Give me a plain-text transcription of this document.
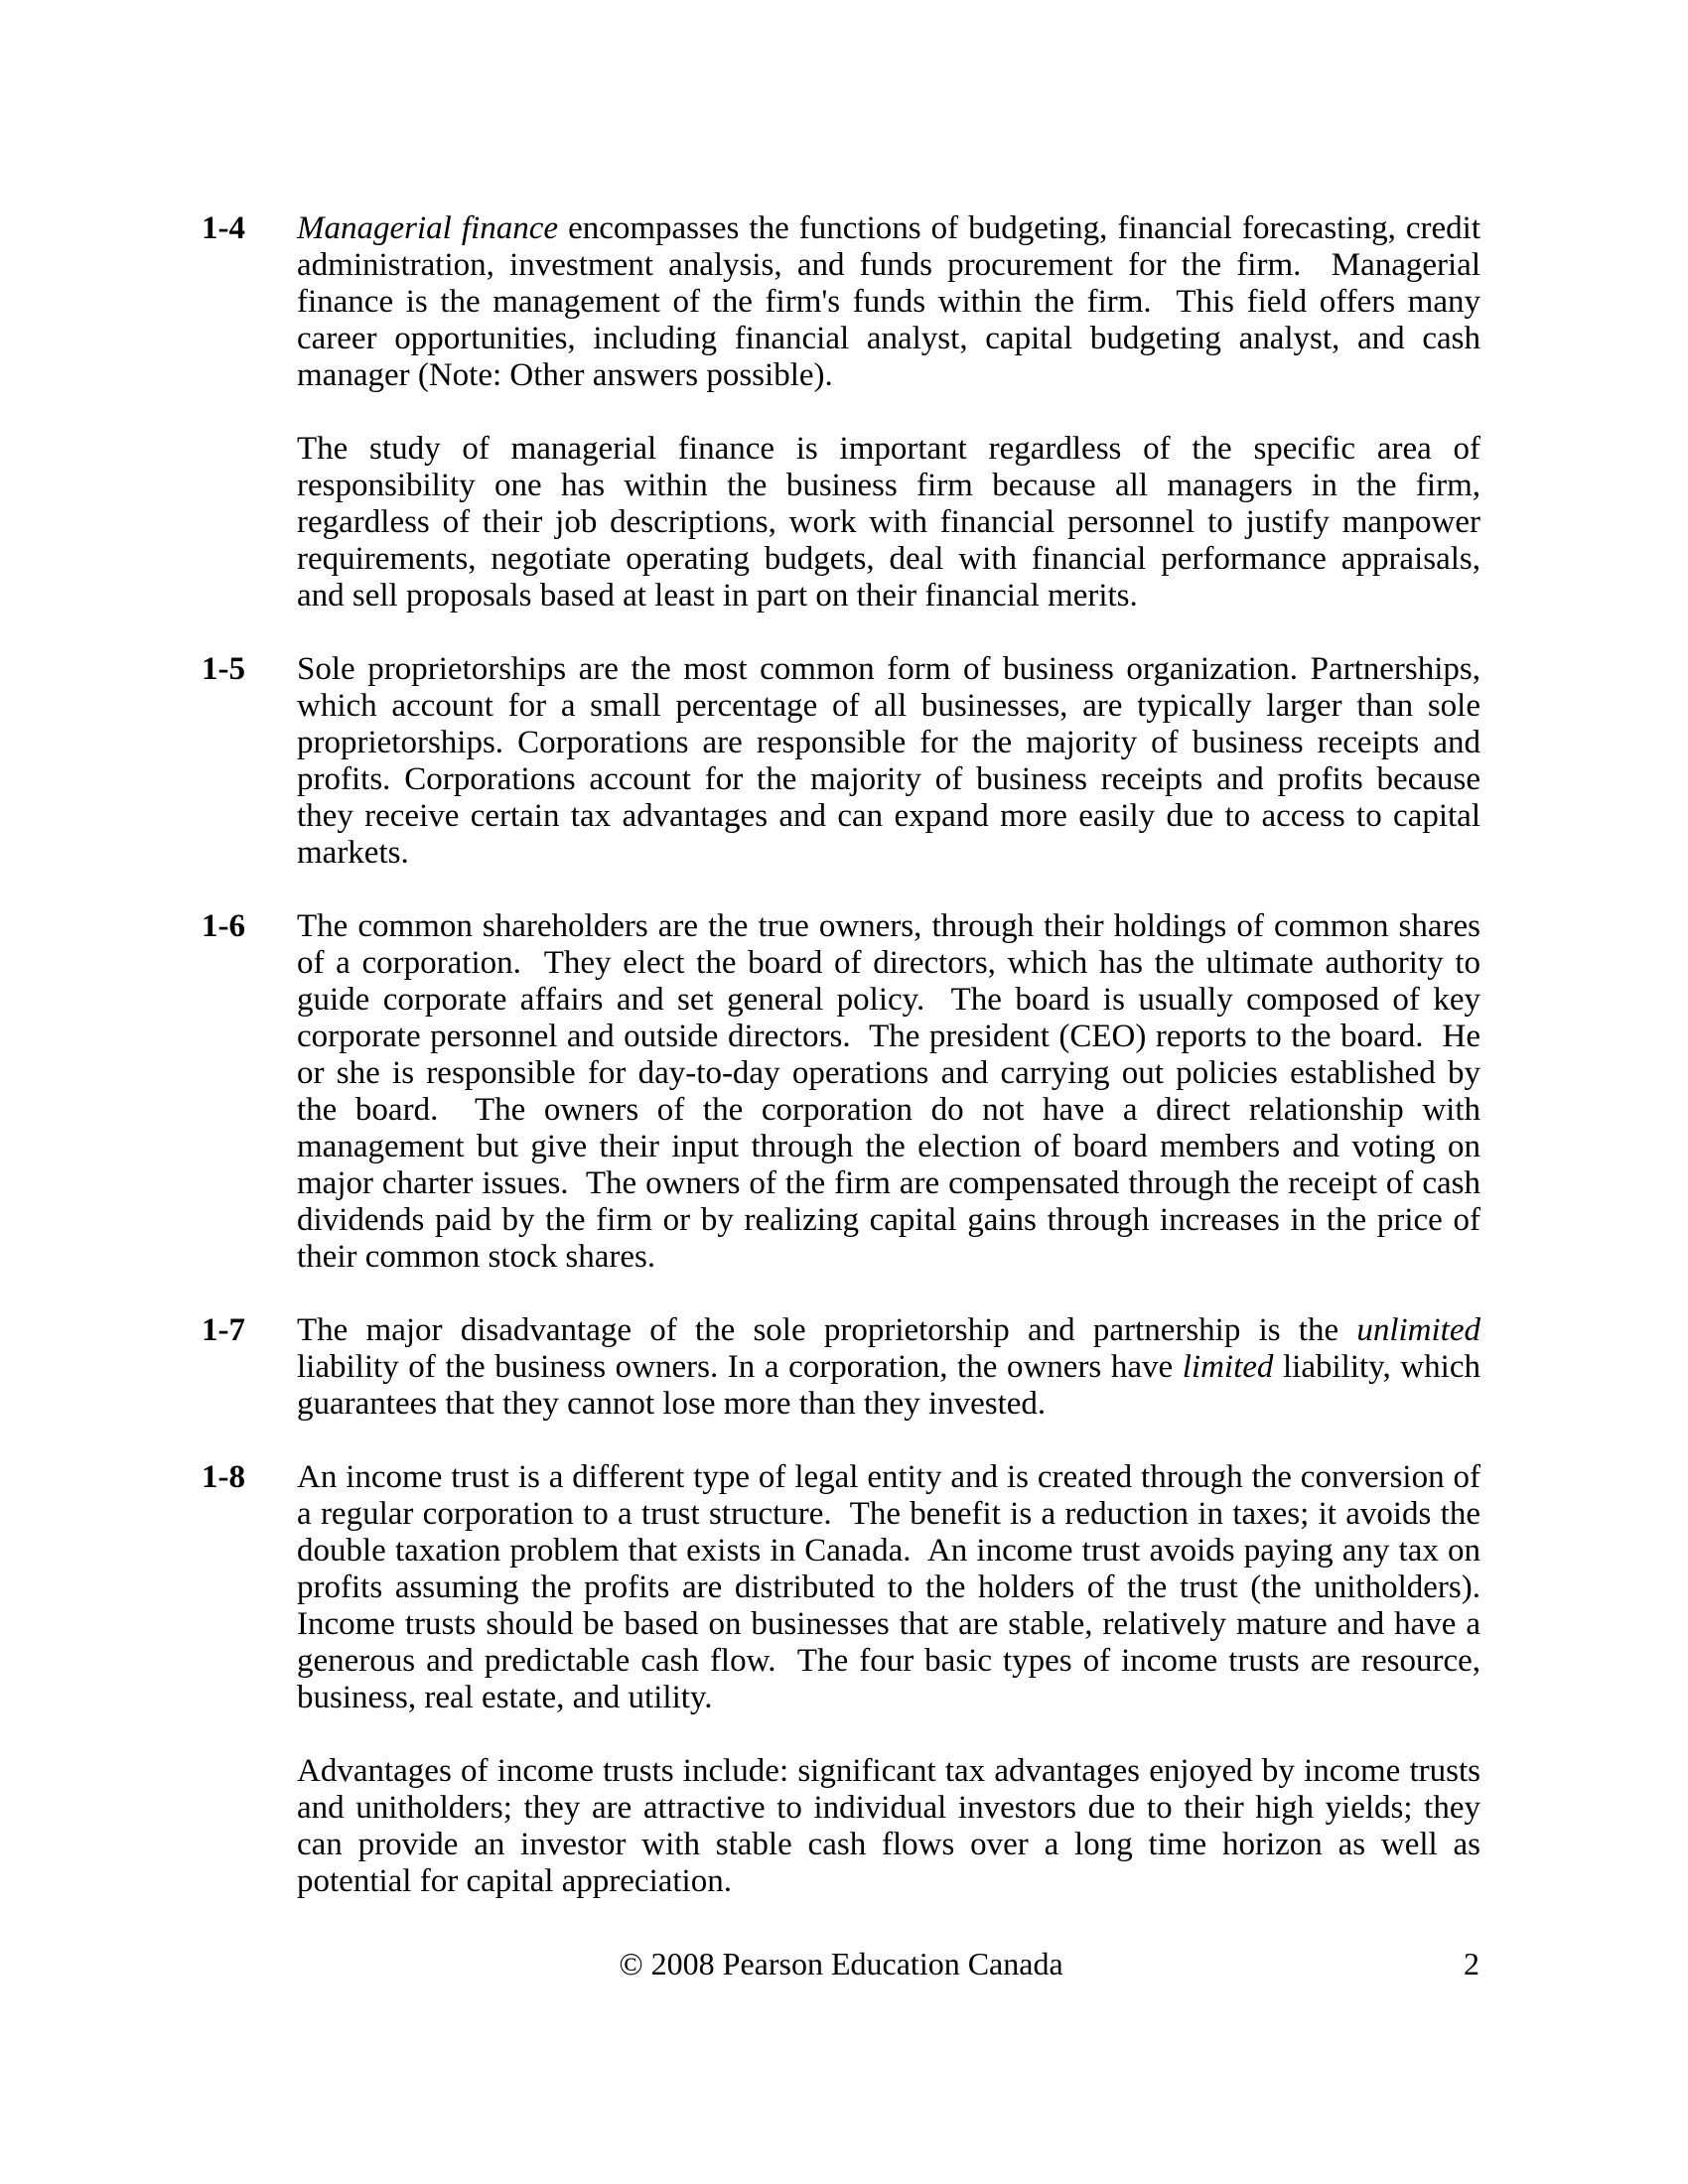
1-4	Managerial finance encompasses the functions of budgeting, financial forecasting, credit administration, investment analysis, and funds procurement for the firm.  Managerial finance is the management of the firm's funds within the firm.  This field offers many career opportunities, including financial analyst, capital budgeting analyst, and cash manager (Note: Other answers possible).

The study of managerial finance is important regardless of the specific area of responsibility one has within the business firm because all managers in the firm, regardless of their job descriptions, work with financial personnel to justify manpower requirements, negotiate operating budgets, deal with financial performance appraisals, and sell proposals based at least in part on their financial merits.

1-5	Sole proprietorships are the most common form of business organization. Partnerships, which account for a small percentage of all businesses, are typically larger than sole proprietorships. Corporations are responsible for the majority of business receipts and profits. Corporations account for the majority of business receipts and profits because they receive certain tax advantages and can expand more easily due to access to capital markets.

1-6	The common shareholders are the true owners, through their holdings of common shares of a corporation.  They elect the board of directors, which has the ultimate authority to guide corporate affairs and set general policy.  The board is usually composed of key corporate personnel and outside directors.  The president (CEO) reports to the board.  He or she is responsible for day-to-day operations and carrying out policies established by the board.  The owners of the corporation do not have a direct relationship with management but give their input through the election of board members and voting on major charter issues.  The owners of the firm are compensated through the receipt of cash dividends paid by the firm or by realizing capital gains through increases in the price of their common stock shares.

1-7	The major disadvantage of the sole proprietorship and partnership is the unlimited liability of the business owners. In a corporation, the owners have limited liability, which guarantees that they cannot lose more than they invested.

1-8	An income trust is a different type of legal entity and is created through the conversion of a regular corporation to a trust structure.  The benefit is a reduction in taxes; it avoids the double taxation problem that exists in Canada.  An income trust avoids paying any tax on profits assuming the profits are distributed to the holders of the trust (the unitholders). Income trusts should be based on businesses that are stable, relatively mature and have a generous and predictable cash flow.  The four basic types of income trusts are resource, business, real estate, and utility.

Advantages of income trusts include: significant tax advantages enjoyed by income trusts and unitholders; they are attractive to individual investors due to their high yields; they can provide an investor with stable cash flows over a long time horizon as well as potential for capital appreciation.

© 2008 Pearson Education Canada	2
